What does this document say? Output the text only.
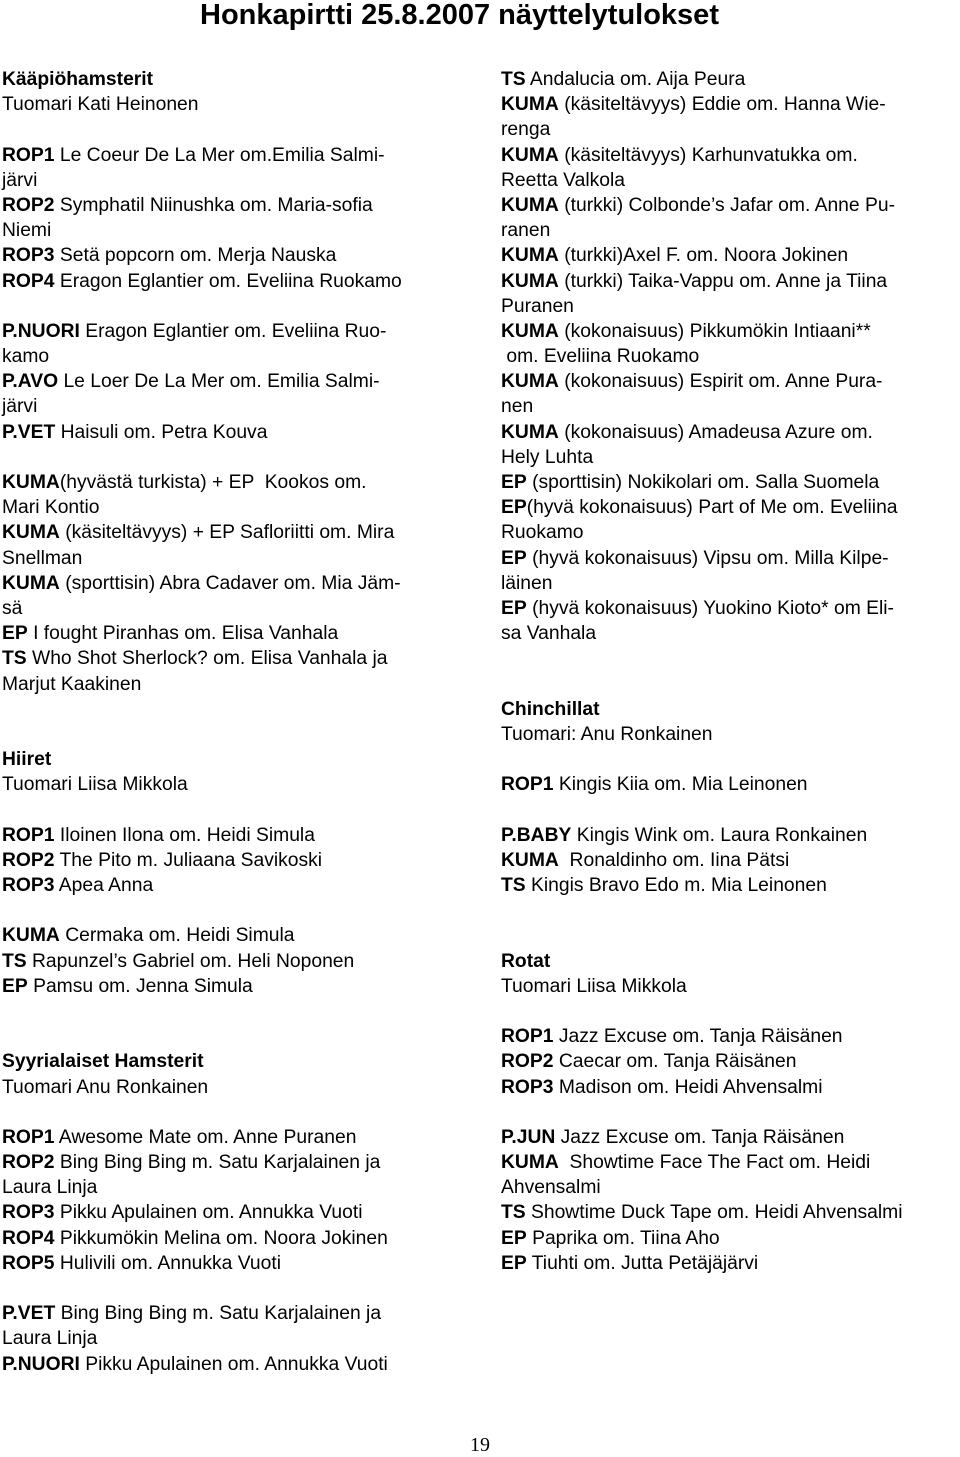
Honkapirtti 25.8.2007 näyttelytulokset
Kääpiöhamsterit
Tuomari Kati Heinonen
ROP1 Le Coeur De La Mer om.Emilia Salmi-
järvi
ROP2 Symphatil Niinushka om. Maria-sofia
Niemi
ROP3 Setä popcorn om. Merja Nauska
ROP4 Eragon Eglantier om. Eveliina Ruokamo
P.NUORI Eragon Eglantier om. Eveliina Ruo-
kamo
P.AVO Le Loer De La Mer om. Emilia Salmi-
järvi
P.VET Haisuli om. Petra Kouva
KUMA(hyvästä turkista) + EP  Kookos om.
Mari Kontio
KUMA (käsiteltävyys) + EP Safloriitti om. Mira
Snellman
KUMA (sporttisin) Abra Cadaver om. Mia Jäm-
sä
EP I fought Piranhas om. Elisa Vanhala
TS Who Shot Sherlock? om. Elisa Vanhala ja
Marjut Kaakinen
Hiiret
Tuomari Liisa Mikkola
ROP1 Iloinen Ilona om. Heidi Simula
ROP2 The Pito m. Juliaana Savikoski
ROP3 Apea Anna
KUMA Cermaka om. Heidi Simula
TS Rapunzel’s Gabriel om. Heli Noponen
EP Pamsu om. Jenna Simula
Syyrialaiset Hamsterit
Tuomari Anu Ronkainen
ROP1 Awesome Mate om. Anne Puranen
ROP2 Bing Bing Bing m. Satu Karjalainen ja
Laura Linja
ROP3 Pikku Apulainen om. Annukka Vuoti
ROP4 Pikkumökin Melina om. Noora Jokinen
ROP5 Hulivili om. Annukka Vuoti
P.VET Bing Bing Bing m. Satu Karjalainen ja
Laura Linja
P.NUORI Pikku Apulainen om. Annukka Vuoti
TS Andalucia om. Aija Peura
KUMA (käsiteltävyys) Eddie om. Hanna Wie-
renga
KUMA (käsiteltävyys) Karhunvatukka om.
Reetta Valkola
KUMA (turkki) Colbonde’s Jafar om. Anne Pu-
ranen
KUMA (turkki)Axel F. om. Noora Jokinen
KUMA (turkki) Taika-Vappu om. Anne ja Tiina
Puranen
KUMA (kokonaisuus) Pikkumökin Intiaani**
om. Eveliina Ruokamo
KUMA (kokonaisuus) Espirit om. Anne Pura-
nen
KUMA (kokonaisuus) Amadeusa Azure om.
Hely Luhta
EP (sporttisin) Nokikolari om. Salla Suomela
EP(hyvä kokonaisuus) Part of Me om. Eveliina
Ruokamo
EP (hyvä kokonaisuus) Vipsu om. Milla Kilpe-
läinen
EP (hyvä kokonaisuus) Yuokino Kioto* om Eli-
sa Vanhala
Chinchillat
Tuomari: Anu Ronkainen
ROP1 Kingis Kiia om. Mia Leinonen
P.BABY Kingis Wink om. Laura Ronkainen
KUMA  Ronaldinho om. Iina Pätsi
TS Kingis Bravo Edo m. Mia Leinonen
Rotat
Tuomari Liisa Mikkola
ROP1 Jazz Excuse om. Tanja Räisänen
ROP2 Caecar om. Tanja Räisänen
ROP3 Madison om. Heidi Ahvensalmi
P.JUN Jazz Excuse om. Tanja Räisänen
KUMA  Showtime Face The Fact om. Heidi
Ahvensalmi
TS Showtime Duck Tape om. Heidi Ahvensalmi
EP Paprika om. Tiina Aho
EP Tiuhti om. Jutta Petäjäjärvi
19
